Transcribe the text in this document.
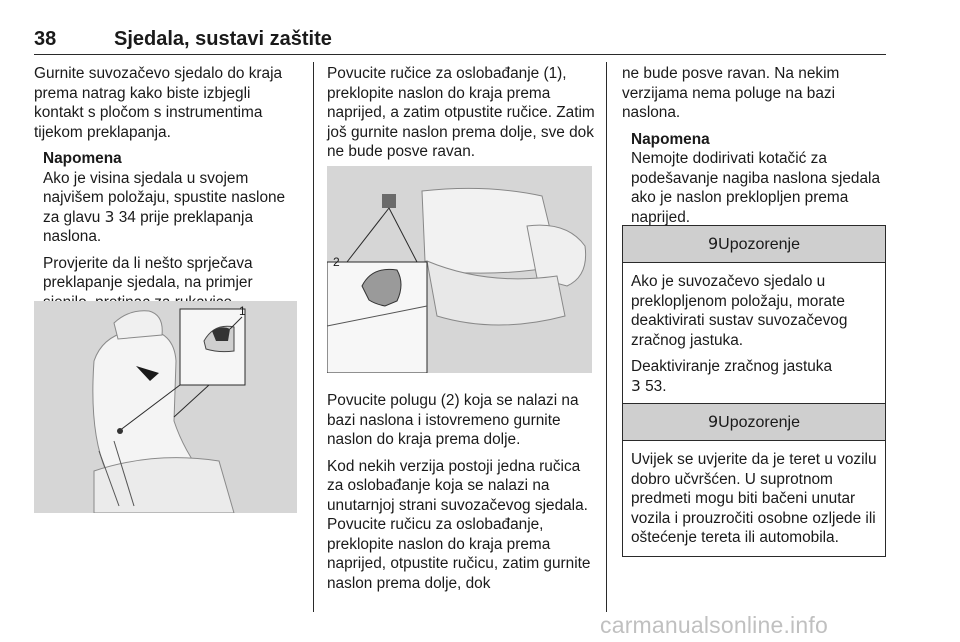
38	Sjedala, sustavi zaštite

Gurnite suvozačevo sjedalo do kraja prema natrag kako biste izbjegli kontakt s pločom s instrumentima tijekom preklapanja.

Napomena

Ako je visina sjedala u svojem najvišem položaju, spustite naslone za glavu 3 34 prije preklapanja naslona.

Provjerite da li nešto sprječava preklapanje sjedala, na primjer

1

Povucite ručice za oslobađanje (1), preklopite naslon do kraja prema naprijed, a zatim otpustite ručice. Zatim još gurnite naslon prema dolje, sve dok ne bude posve ravan.

2

Povucite polugu (2) koja se nalazi na bazi naslona i istovremeno gurnite naslon do kraja prema dolje.

Kod nekih verzija postoji jedna ručica za oslobađanje koja se nalazi na unutarnjoj strani suvozačevog sjedala. Povucite ručicu za oslobađanje, preklopite naslon do kraja prema naprijed, otpustite ručicu, zatim gurnite naslon prema dolje, dok

ne bude posve ravan. Na nekim verzijama nema poluge na bazi naslona.

Napomena

Nemojte dodirivati kotačić za podešavanje nagiba naslona sjedala ako je naslon preklopljen prema naprijed.

9Upozorenje

Ako je suvozačevo sjedalo u preklopljenom položaju, morate deaktivirati sustav suvozačevog zračnog jastuka.

Deaktiviranje zračnog jastuka
3 53.

9Upozorenje

Uvijek se uvjerite da je teret u vozilu dobro učvršćen. U suprotnom predmeti mogu biti bačeni unutar vozila i prouzročiti osobne ozljede ili oštećenje tereta ili automobila.

carmanualsonline.info
